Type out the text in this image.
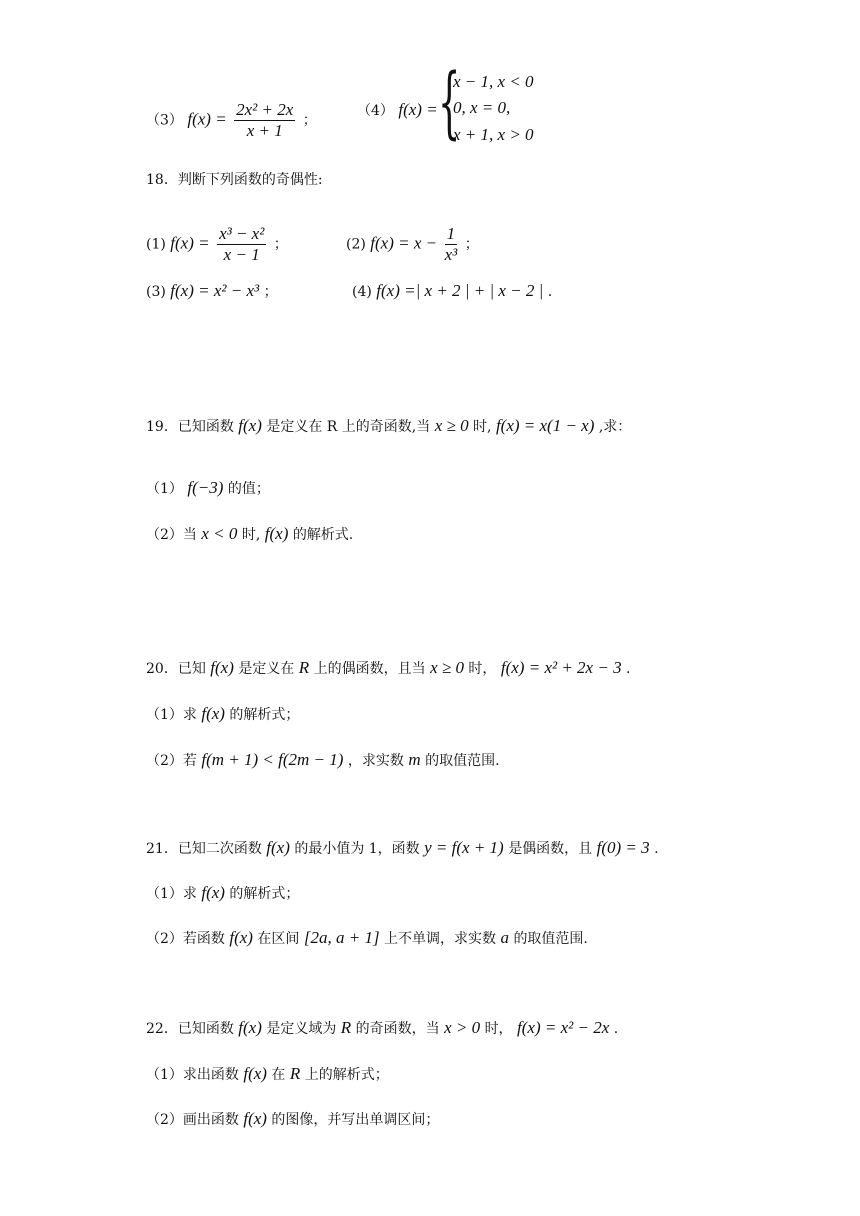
（3） $f(x) = \frac{\text{2x² + 2x}}{x + 1}$ ；
（4） f(x) = {
x − 1, x < 0
0, x = 0,
x + 1, x > 0
18．判断下列函数的奇偶性:
(1) $f(x) = \frac{\text{x³ − x²}}{x - 1}$ ；	(2) $f(x) = x - \frac{1}{\text{x³}}$ ；
(3) f(x) = x² − x³ ；	(4) f(x) =| x + 2 | + | x − 2 | .
19．已知函数 f(x) 是定义在 R 上的奇函数,当 x ≥ 0 时, f(x) = x(1 − x) ,求：
（1） f(−3) 的值；
（2）当 x < 0 时, f(x) 的解析式.
20．已知 f(x) 是定义在 R 上的偶函数，且当 x ≥ 0 时， f(x) = x² + 2x − 3 .
（1）求 f(x) 的解析式；
（2）若 f(m + 1) < f(2m − 1) ，求实数 m 的取值范围.
21．已知二次函数 f(x) 的最小值为 1，函数 y = f(x + 1) 是偶函数，且 f(0) = 3 .
（1）求 f(x) 的解析式；
（2）若函数 f(x) 在区间 [2a, a + 1] 上不单调，求实数 a 的取值范围.
22．已知函数 f(x) 是定义域为 R 的奇函数，当 x > 0 时， f(x) = x² − 2x .
（1）求出函数 f(x) 在 R 上的解析式；
（2）画出函数 f(x) 的图像，并写出单调区间；
